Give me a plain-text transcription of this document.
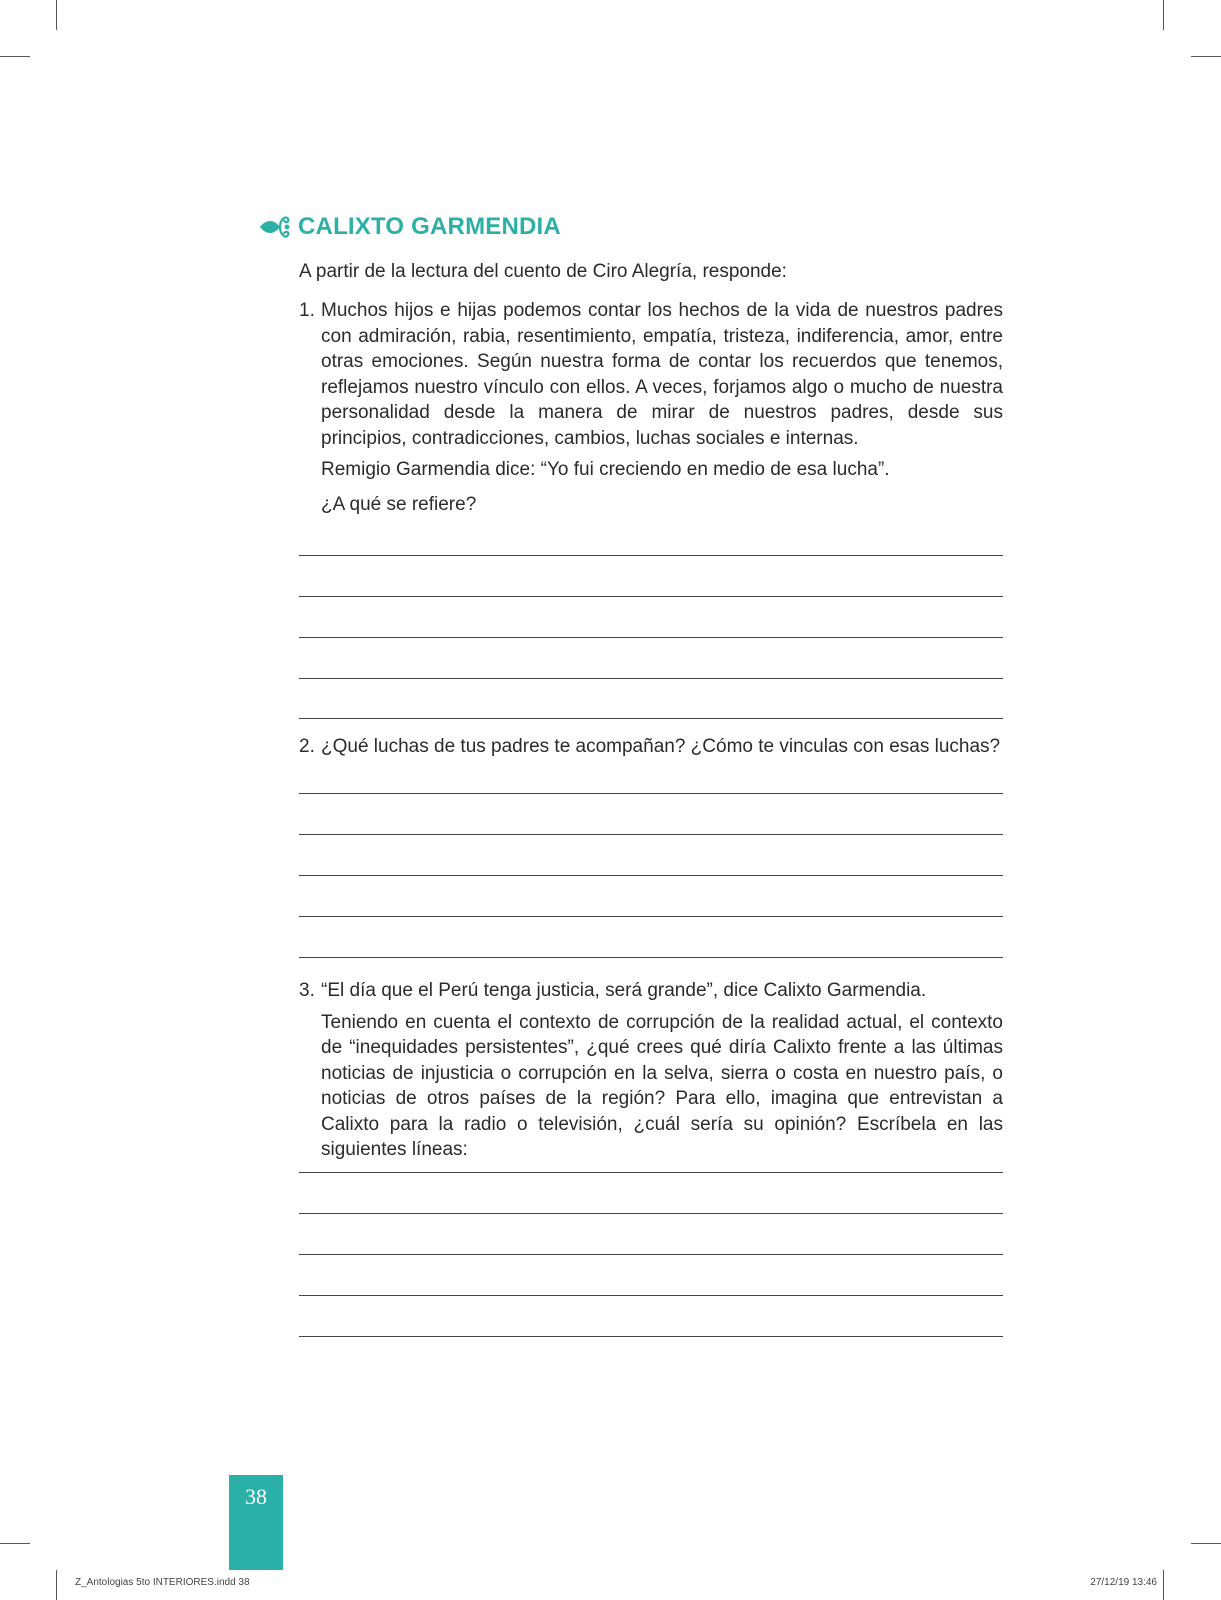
CALIXTO GARMENDIA
A partir de la lectura del cuento de Ciro Alegría, responde:
1. Muchos hijos e hijas podemos contar los hechos de la vida de nuestros padres con admiración, rabia, resentimiento, empatía, tristeza, indiferencia, amor, entre otras emociones. Según nuestra forma de contar los recuerdos que tenemos, reflejamos nuestro vínculo con ellos. A veces, forjamos algo o mucho de nuestra personalidad desde la manera de mirar de nuestros padres, desde sus principios, contradicciones, cambios, luchas sociales e internas.
Remigio Garmendia dice: “Yo fui creciendo en medio de esa lucha”.
¿A qué se refiere?
2. ¿Qué luchas de tus padres te acompañan? ¿Cómo te vinculas con esas luchas?
3. “El día que el Perú tenga justicia, será grande”, dice Calixto Garmendia.
Teniendo en cuenta el contexto de corrupción de la realidad actual, el contexto de “inequidades persistentes”, ¿qué crees qué diría Calixto frente a las últimas noticias de injusticia o corrupción en la selva, sierra o costa en nuestro país, o noticias de otros países de la región? Para ello, imagina que entrevistan a Calixto para la radio o televisión, ¿cuál sería su opinión? Escríbela en las siguientes líneas:
38
Z_Antologias 5to INTERIORES.indd 38	27/12/19 13:46
